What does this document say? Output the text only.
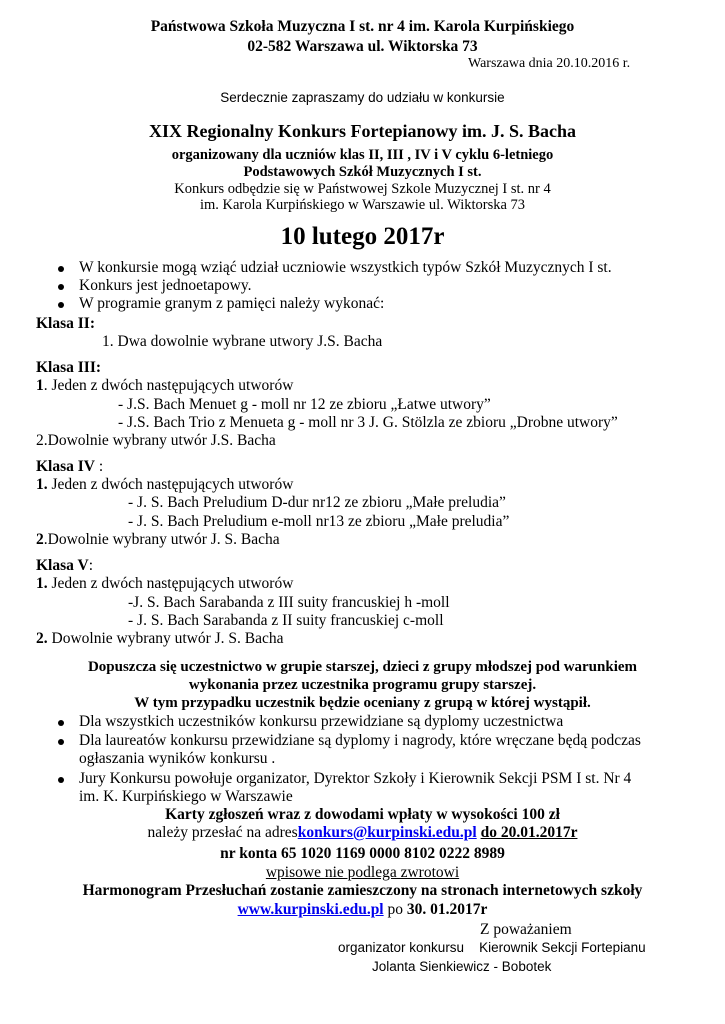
Państwowa Szkoła Muzyczna I st. nr 4 im. Karola Kurpińskiego
02-582 Warszawa ul. Wiktorska 73
Warszawa dnia 20.10.2016 r.
Serdecznie zapraszamy do udziału w konkursie
XIX Regionalny Konkurs Fortepianowy im. J. S. Bacha
organizowany dla uczniów klas II, III , IV i V cyklu 6-letniego
Podstawowych Szkół Muzycznych I st.
Konkurs odbędzie się w Państwowej Szkole Muzycznej I st. nr 4
im. Karola Kurpińskiego w Warszawie ul. Wiktorska 73
10 lutego 2017r
W konkursie mogą wziąć udział uczniowie wszystkich typów Szkół Muzycznych I st.
Konkurs jest jednoetapowy.
W programie granym z pamięci należy wykonać:
Klasa II:
1. Dwa dowolnie wybrane utwory J.S. Bacha
Klasa III:
1. Jeden z dwóch następujących utworów
- J.S. Bach Menuet g - moll nr 12 ze zbioru „Łatwe utwory”
- J.S. Bach Trio z Menueta g - moll nr 3 J. G. Stölzla ze zbioru „Drobne utwory”
2.Dowolnie wybrany utwór J.S. Bacha
Klasa IV :
1. Jeden z dwóch następujących utworów
- J. S. Bach Preludium D-dur nr12 ze zbioru „Małe preludia”
- J. S. Bach Preludium e-moll nr13 ze zbioru „Małe preludia”
2.Dowolnie wybrany utwór J. S. Bacha
Klasa V:
1. Jeden z dwóch następujących utworów
-J. S. Bach Sarabanda z III suity francuskiej h -moll
- J. S. Bach Sarabanda z II suity francuskiej c-moll
2. Dowolnie wybrany utwór J. S. Bacha
Dopuszcza się uczestnictwo w grupie starszej, dzieci z grupy młodszej pod warunkiem
wykonania przez uczestnika programu grupy starszej.
W tym przypadku uczestnik będzie oceniany z grupą w której wystąpił.
Dla wszystkich uczestników konkursu przewidziane są dyplomy uczestnictwa
Dla laureatów konkursu przewidziane są dyplomy i nagrody, które wręczane będą podczas
ogłaszania wyników konkursu .
Jury Konkursu powołuje organizator, Dyrektor Szkoły i Kierownik Sekcji PSM I st. Nr 4
im. K. Kurpińskiego w Warszawie
Karty zgłoszeń wraz z dowodami wpłaty w wysokości 100 zł
należy przesłać na adreskonkurs@kurpinski.edu.pl do 20.01.2017r
nr konta 65 1020 1169 0000 8102 0222 8989
wpisowe nie podlega zwrotowi
Harmonogram Przesłuchań zostanie zamieszczony na stronach internetowych szkoły
www.kurpinski.edu.pl po 30. 01.2017r
Z poważaniem
organizator konkursu    Kierownik Sekcji Fortepianu
Jolanta Sienkiewicz - Bobotek
